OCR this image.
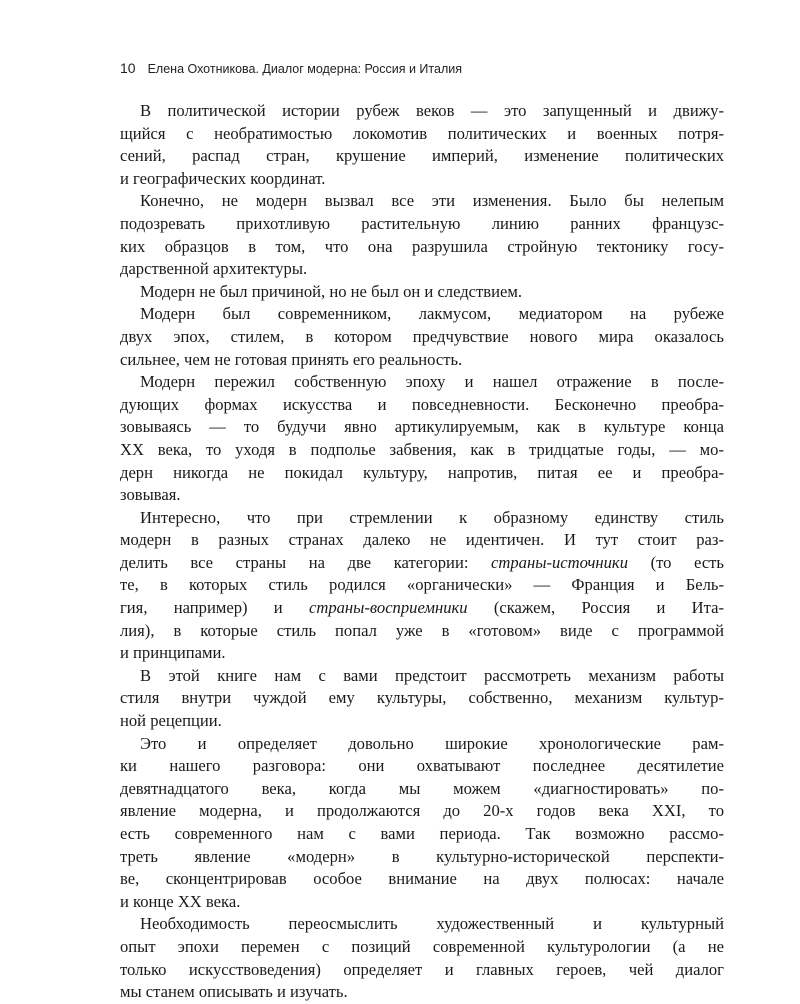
10 Елена Охотникова. Диалог модерна: Россия и Италия
В политической истории рубеж веков — это запущенный и движу-
щийся с необратимостью локомотив политических и военных потря-
сений, распад стран, крушение империй, изменение политических
и географических координат.
Конечно, не модерн вызвал все эти изменения. Было бы нелепым
подозревать прихотливую растительную линию ранних французс-
ких образцов в том, что она разрушила стройную тектонику госу-
дарственной архитектуры.
Модерн не был причиной, но не был он и следствием.
Модерн был современником, лакмусом, медиатором на рубеже
двух эпох, стилем, в котором предчувствие нового мира оказалось
сильнее, чем не готовая принять его реальность.
Модерн пережил собственную эпоху и нашел отражение в после-
дующих формах искусства и повседневности. Бесконечно преобра-
зовываясь — то будучи явно артикулируемым, как в культуре конца
XX века, то уходя в подполье забвения, как в тридцатые годы, — мо-
дерн никогда не покидал культуру, напротив, питая ее и преобра-
зовывая.
Интересно, что при стремлении к образному единству стиль
модерн в разных странах далеко не идентичен. И тут стоит раз-
делить все страны на две категории: страны-источники (то есть
те, в которых стиль родился «органически» — Франция и Бель-
гия, например) и страны-восприемники (скажем, Россия и Ита-
лия), в которые стиль попал уже в «готовом» виде с программой
и принципами.
В этой книге нам с вами предстоит рассмотреть механизм работы
стиля внутри чуждой ему культуры, собственно, механизм культур-
ной рецепции.
Это и определяет довольно широкие хронологические рам-
ки нашего разговора: они охватывают последнее десятилетие
девятнадцатого века, когда мы можем «диагностировать» по-
явление модерна, и продолжаются до 20-х годов века XXI, то
есть современного нам с вами периода. Так возможно рассмо-
треть явление «модерн» в культурно-исторической перспекти-
ве, сконцентрировав особое внимание на двух полюсах: начале
и конце XX века.
Необходимость переосмыслить художественный и культурный
опыт эпохи перемен с позиций современной культурологии (а не
только искусствоведения) определяет и главных героев, чей диалог
мы станем описывать и изучать.
